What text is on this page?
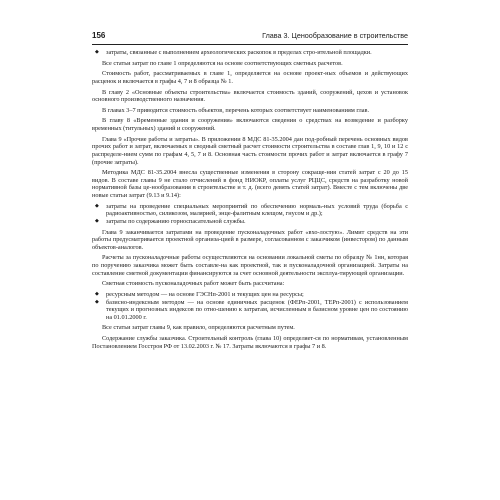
156	Глава 3. Ценообразование в строительстве
◆ затраты, связанные с выполнением археологических раскопок в пределах стро-ительной площадки.
Все статьи затрат по главе 1 определяются на основе соответствующих сметных расчетов.
Стоимость работ, рассматриваемых в главе 1, определяется на основе проект-ных объемов и действующих расценок и включается в графы 4, 7 и 8 образца № 1.
В главу 2 «Основные объекты строительства» включается стоимость зданий, сооружений, цехов и установок основного производственного назначения.
В главах 3–7 приводится стоимость объектов, перечень которых соответствует наименованиям глав.
В главу 8 «Временные здания и сооружения» включаются сведения о средствах на возведение и разборку временных (титульных) зданий и сооружений.
Глава 9 «Прочие работы и затраты». В приложении 8 МДС 81-35.2004 дан под-робный перечень основных видов прочих работ и затрат, включаемых в сводный сметный расчет стоимости строительства в составе глав 1, 9, 10 и 12 с распределе-нием сумм по графам 4, 5, 7 и 8. Основная часть стоимости прочих работ и затрат включается в графу 7 (прочие затраты).
Методика МДС 81-35.2004 внесла существенные изменения в сторону сокраще-ния статей затрат с 20 до 15 видов. В составе главы 9 не стало отчислений в фонд НИОКР, оплаты услуг РЦЦС, средств на разработку новой нормативной базы це-нообразования в строительстве и т. д. (всего девять статей затрат). Вместе с тем включены две новые статьи затрат (9.13 и 9.14):
◆ затраты на проведение специальных мероприятий по обеспечению нормаль-ных условий труда (борьба с радиоактивностью, силикозом, малярией, энце-фалитным клещом, гнусом и др.);
◆ затраты по содержанию горноспасательной службы.
Глава 9 заканчивается затратами на проведение пусконаладочных работ «вхо-лостую». Лимит средств на эти работы предусматривается проектной организа-цией в размере, согласованном с заказчиком (инвестором) по данным объектов-аналогов.
Расчеты за пусконаладочные работы осуществляются на основании локальной сметы по образцу № 1нн, которая по поручению заказчика может быть составле-на как проектной, так и пусконаладочной организацией. Затраты на составление сметной документации финансируются за счет основной деятельности эксплуа-тирующей организации.
Сметная стоимость пусконаладочных работ может быть рассчитана:
◆ ресурсным методом — на основе ГЭСНп-2001 и текущих цен на ресурсы;
◆ базисно-индексным методом — на основе единичных расценок (ФЕРп-2001, ТЕРп-2001) с использованием текущих и прогнозных индексов по отно-шению к затратам, исчисленным в базисном уровне цен по состоянию на 01.01.2000 г.
Все статьи затрат главы 9, как правило, определяются расчетным путем.
Содержание службы заказчика. Строительный контроль (глава 10) определяет-ся по нормативам, установленным Постановлением Госстроя РФ от 13.02.2003 г. № 17. Затраты включаются в графы 7 и 8.
